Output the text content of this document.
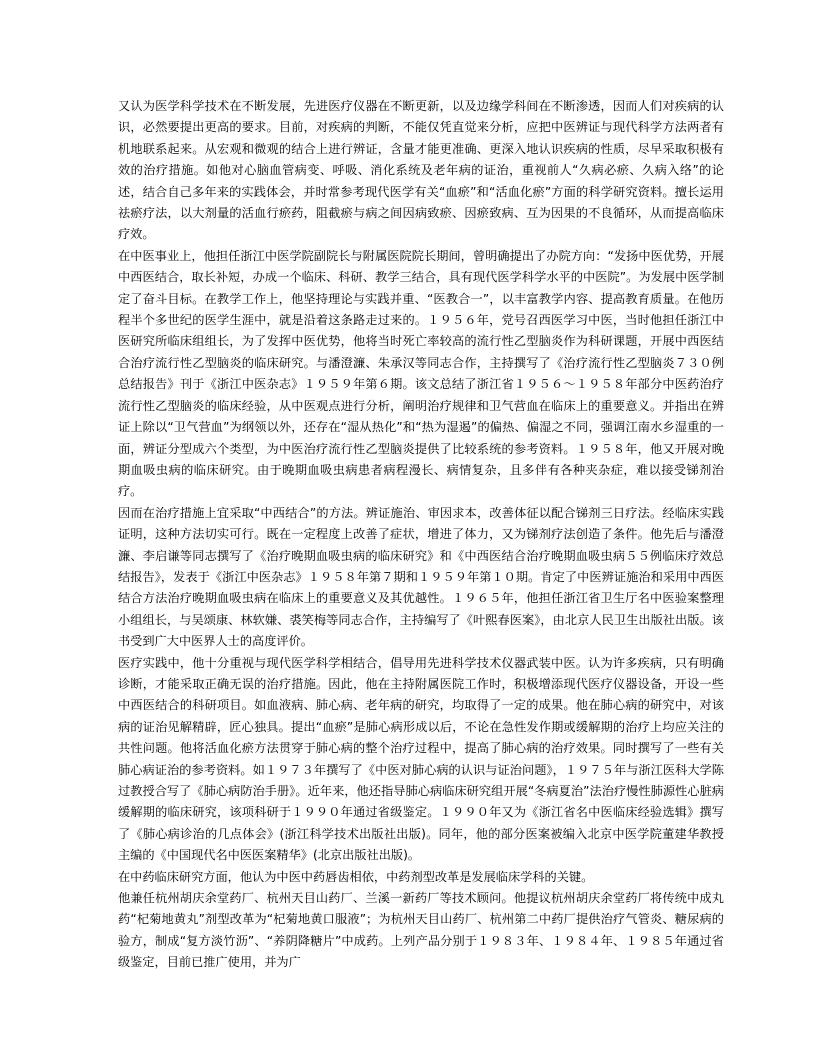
又认为医学科学技术在不断发展，先进医疗仪器在不断更新，以及边缘学科间在不断渗透，因而人们对疾病的认识，必然要提出更高的要求。目前，对疾病的判断，不能仅凭直觉来分析，应把中医辨证与现代科学方法两者有机地联系起来。从宏观和微观的结合上进行辨证，含量才能更准确、更深入地认识疾病的性质，尽早采取积极有效的治疗措施。如他对心脑血管病变、呼吸、消化系统及老年病的证治，重视前人“久病必瘀、久病入络”的论述，结合自己多年来的实践体会，并时常参考现代医学有关“血瘀”和“活血化瘀”方面的科学研究资料。擅长运用祛瘀疗法，以大剂量的活血行瘀药，阻截瘀与病之间因病致瘀、因瘀致病、互为因果的不良循环，从而提高临床疗效。

在中医事业上，他担任浙江中医学院副院长与附属医院院长期间，曾明确提出了办院方向：“发扬中医优势，开展中西医结合，取长补短，办成一个临床、科研、教学三结合，具有现代医学科学水平的中医院”。为发展中医学制定了奋斗目标。在教学工作上，他坚持理论与实践并重、“医教合一”，以丰富教学内容、提高教育质量。在他历程半个多世纪的医学生涯中，就是沿着这条路走过来的。１９５６年，党号召西医学习中医，当时他担任浙江中医研究所临床组组长，为了发挥中医优势，他将当时死亡率较高的流行性乙型脑炎作为科研课题，开展中西医结合治疗流行性乙型脑炎的临床研究。与潘澄濂、朱承汉等同志合作，主持撰写了《治疗流行性乙型脑炎７３０例总结报告》刊于《浙江中医杂志》１９５９年第６期。该文总结了浙江省１９５６～１９５８年部分中医药治疗流行性乙型脑炎的临床经验，从中医观点进行分析，阐明治疗规律和卫气营血在临床上的重要意义。并指出在辨证上除以“卫气营血”为纲领以外，还存在“湿从热化”和“热为湿遏”的偏热、偏湿之不同，强调江南水乡湿重的一面，辨证分型成六个类型，为中医治疗流行性乙型脑炎提供了比较系统的参考资料。１９５８年，他又开展对晚期血吸虫病的临床研究。由于晚期血吸虫病患者病程漫长、病情复杂，且多伴有各种夹杂症，难以接受锑剂治疗。

因而在治疗措施上宜采取“中西结合”的方法。辨证施治、审因求本，改善体征以配合锑剂三日疗法。经临床实践证明，这种方法切实可行。既在一定程度上改善了症状，增进了体力，又为锑剂疗法创造了条件。他先后与潘澄濂、李启谦等同志撰写了《治疗晚期血吸虫病的临床研究》和《中西医结合治疗晚期血吸虫病５５例临床疗效总结报告》，发表于《浙江中医杂志》１９５８年第７期和１９５９年第１０期。肯定了中医辨证施治和采用中西医结合方法治疗晚期血吸虫病在临床上的重要意义及其优越性。１９６５年，他担任浙江省卫生厅名中医验案整理小组组长，与吴颂康、林软嫌、裘笑梅等同志合作，主持编写了《叶熙春医案》，由北京人民卫生出版社出版。该书受到广大中医界人士的高度评价。

医疗实践中，他十分重视与现代医学科学相结合，倡导用先进科学技术仪器武装中医。认为许多疾病，只有明确诊断，才能采取正确无误的治疗措施。因此，他在主持附属医院工作时，积极增添现代医疗仪器设备，开设一些中西医结合的科研项目。如血液病、肺心病、老年病的研究，均取得了一定的成果。他在肺心病的研究中，对该病的证治见解精辟，匠心独具。提出“血瘀”是肺心病形成以后，不论在急性发作期或缓解期的治疗上均应关注的共性问题。他将活血化瘀方法贯穿于肺心病的整个治疗过程中，提高了肺心病的治疗效果。同时撰写了一些有关肺心病证治的参考资料。如１９７３年撰写了《中医对肺心病的认识与证治问题》，１９７５年与浙江医科大学陈过教授合写了《肺心病防治手册》。近年来，他还指导肺心病临床研究组开展“冬病夏治”法治疗慢性肺源性心脏病缓解期的临床研究，该项科研于１９９０年通过省级鉴定。１９９０年又为《浙江省名中医临床经验选辑》撰写了《肺心病诊治的几点体会》(浙江科学技术出版社出版)。同年，他的部分医案被编入北京中医学院董建华教授主编的《中国现代名中医医案精华》(北京出版社出版)。

在中药临床研究方面，他认为中医中药唇齿相依，中药剂型改革是发展临床学科的关键。

他兼任杭州胡庆余堂药厂、杭州天目山药厂、兰溪一新药厂等技术顾问。他提议杭州胡庆余堂药厂将传统中成丸药“杞菊地黄丸”剂型改革为“杞菊地黄口服液”；为杭州天目山药厂、杭州第二中药厂提供治疗气管炎、糖尿病的验方，制成“复方淡竹沥”、“养阴降糖片”中成药。上列产品分别于１９８３年、１９８４年、１９８５年通过省级鉴定，目前已推广使用，并为广
